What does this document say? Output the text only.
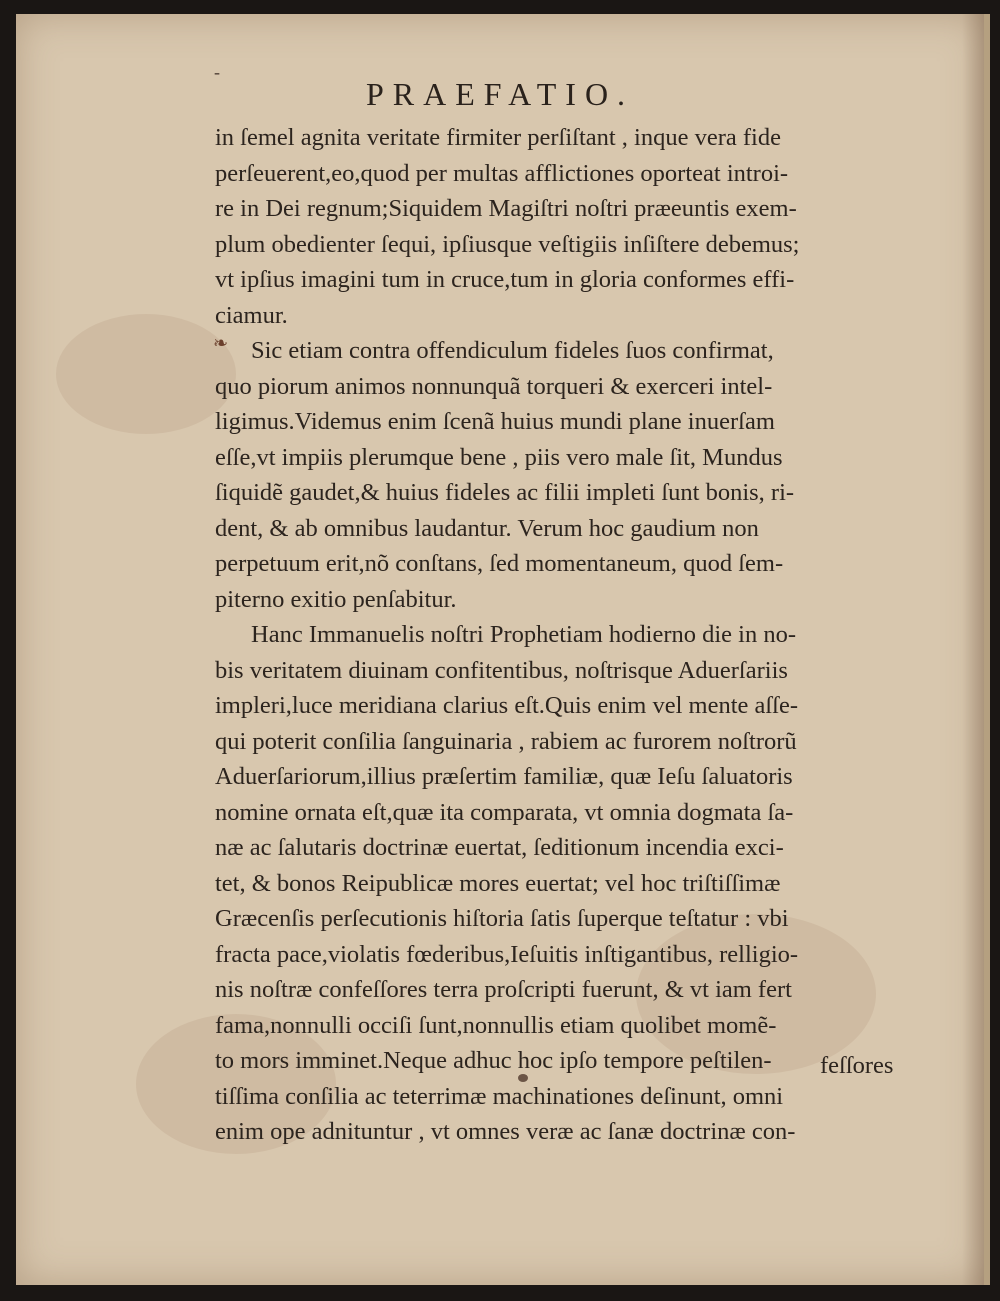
-
PRAEFATIO.
❧
in ſemel agnita veritate firmiter perſiſtant , inque vera fide
perſeuerent,eo,quod per multas afflictiones oporteat introi-
re in Dei regnum;Siquidem Magiſtri noſtri præeuntis exem-
plum obedienter ſequi, ipſiusque veſtigiis inſiſtere debemus;
vt ipſius imagini tum in cruce,tum in gloria conformes effi-
ciamur.
Sic etiam contra offendiculum fideles ſuos confirmat,
quo piorum animos nonnunquã torqueri & exerceri intel-
ligimus.Videmus enim ſcenã huius mundi plane inuerſam
eſſe,vt impiis plerumque bene , piis vero male ſit, Mundus
ſiquidẽ gaudet,& huius fideles ac filii impleti ſunt bonis, ri-
dent, & ab omnibus laudantur. Verum hoc gaudium non
perpetuum erit,nõ conſtans, ſed momentaneum, quod ſem-
piterno exitio penſabitur.
Hanc Immanuelis noſtri Prophetiam hodierno die in no-
bis veritatem diuinam confitentibus, noſtrisque Aduerſariis
impleri,luce meridiana clarius eſt.Quis enim vel mente aſſe-
qui poterit conſilia ſanguinaria , rabiem ac furorem noſtrorũ
Aduerſariorum,illius præſertim familiæ, quæ Ieſu ſaluatoris
nomine ornata eſt,quæ ita comparata, vt omnia dogmata ſa-
næ ac ſalutaris doctrinæ euertat, ſeditionum incendia exci-
tet, & bonos Reipublicæ mores euertat; vel hoc triſtiſſimæ
Græcenſis perſecutionis hiſtoria ſatis ſuperque teſtatur : vbi
fracta pace,violatis fœderibus,Ieſuitis inſtigantibus, relligio-
nis noſtræ confeſſores terra proſcripti fuerunt, & vt iam fert
fama,nonnulli occiſi ſunt,nonnullis etiam quolibet momẽ-
to mors imminet.Neque adhuc hoc ipſo tempore peſtilen-
tiſſima conſilia ac teterrimæ machinationes deſinunt, omni
enim ope adnituntur , vt omnes veræ ac ſanæ doctrinæ con-
feſſores
